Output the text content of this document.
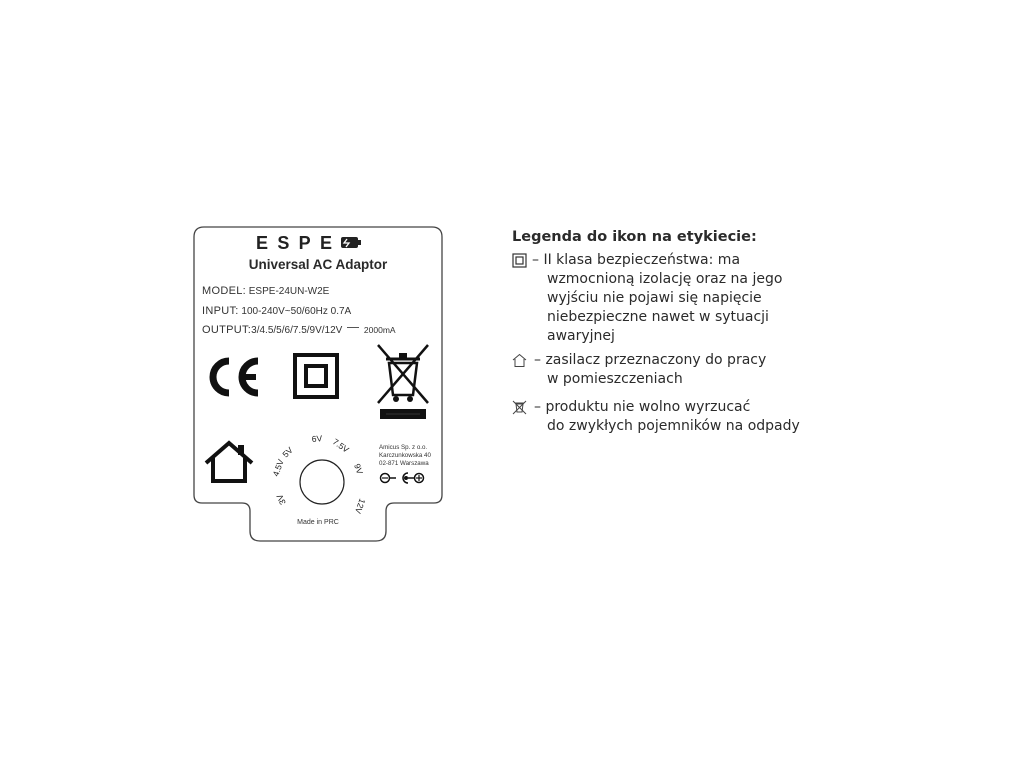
ESPE
Universal AC Adaptor
MODEL: ESPE-24UN-W2E
INPUT: 100-240V~50/60Hz 0.7A
OUTPUT:3/4.5/5/6/7.5/9V/12V	2000mA
4.5V
5V
6V 7.5V
9V
12V
3V
Amicus Sp. z o.o.
Karczunkowska 40
02-871 Warszawa
Made in PRC
Legenda do ikon na etykiecie:
– II klasa bezpieczeństwa: ma
wzmocnioną izolację oraz na jego
wyjściu nie pojawi się napięcie
niebezpieczne nawet w sytuacji
awaryjnej
– zasilacz przeznaczony do pracy
w pomieszczeniach
– produktu nie wolno wyrzucać
do zwykłych pojemników na odpady
